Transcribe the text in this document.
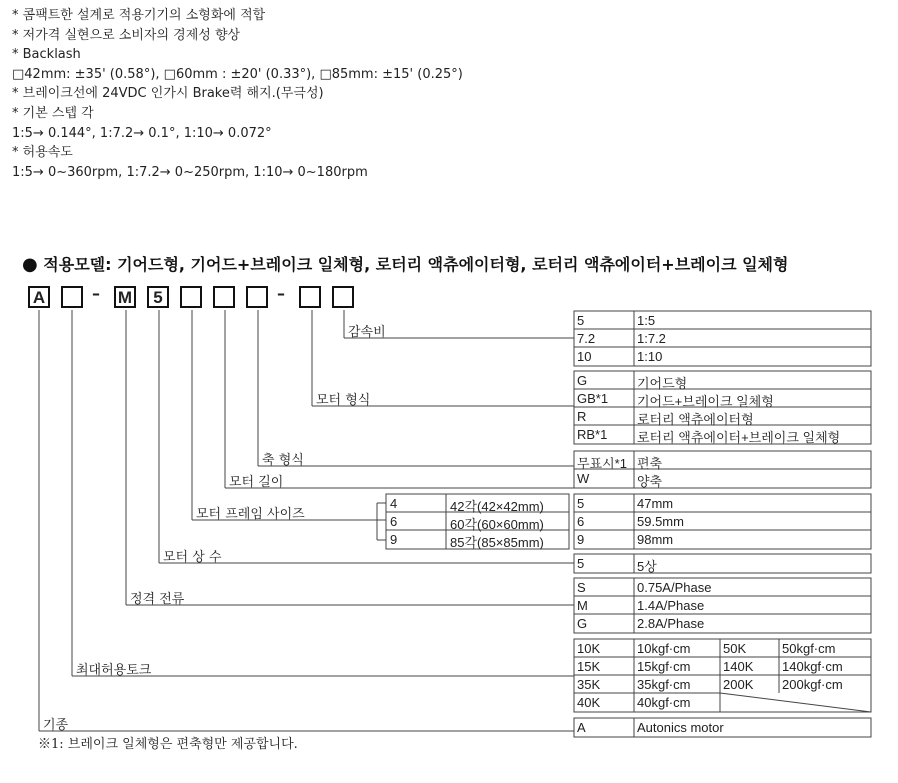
* 콤팩트한 설계로 적용기기의 소형화에 적합
* 저가격 실현으로 소비자의 경제성 향상
* Backlash
□42mm: ±35' (0.58°), □60mm : ±20' (0.33°), □85mm: ±15' (0.25°)
* 브레이크선에 24VDC 인가시 Brake력 해지.(무극성)
* 기본 스텝 각
1:5→ 0.144°, 1:7.2→ 0.1°, 1:10→ 0.072°
* 허용속도
1:5→ 0~360rpm, 1:7.2→ 0~250rpm, 1:10→ 0~180rpm
● 적용모델: 기어드형, 기어드+브레이크 일체형, 로터리 액츄에이터형, 로터리 액츄에이터+브레이크 일체형
A	– M	5	–
감속비
모터 형식
축 형식
모터 길이
모터 프레임 사이즈
모터 상 수
정격 전류
최대허용토크
기종
5	1:5
7.2	1:7.2
10	1:10
G	기어드형
GB*1 기어드+브레이크 일체형
R	로터리 액츄에이터형
RB*1 로터리 액츄에이터+브레이크 일체형
무표시*1 편축
W	양축
4	42각(42×42mm)
6	60각(60×60mm)
9	85각(85×85mm)
5	47mm
6	59.5mm
9	98mm
5	5상
S	0.75A/Phase
M	1.4A/Phase
G	2.8A/Phase
10K	10kgf·cm	50K	50kgf·cm
15K	15kgf·cm	140K 140kgf·cm
35K	35kgf·cm	200K 200kgf·cm
40K	40kgf·cm
A	Autonics motor
※1: 브레이크 일체형은 편축형만 제공합니다.
